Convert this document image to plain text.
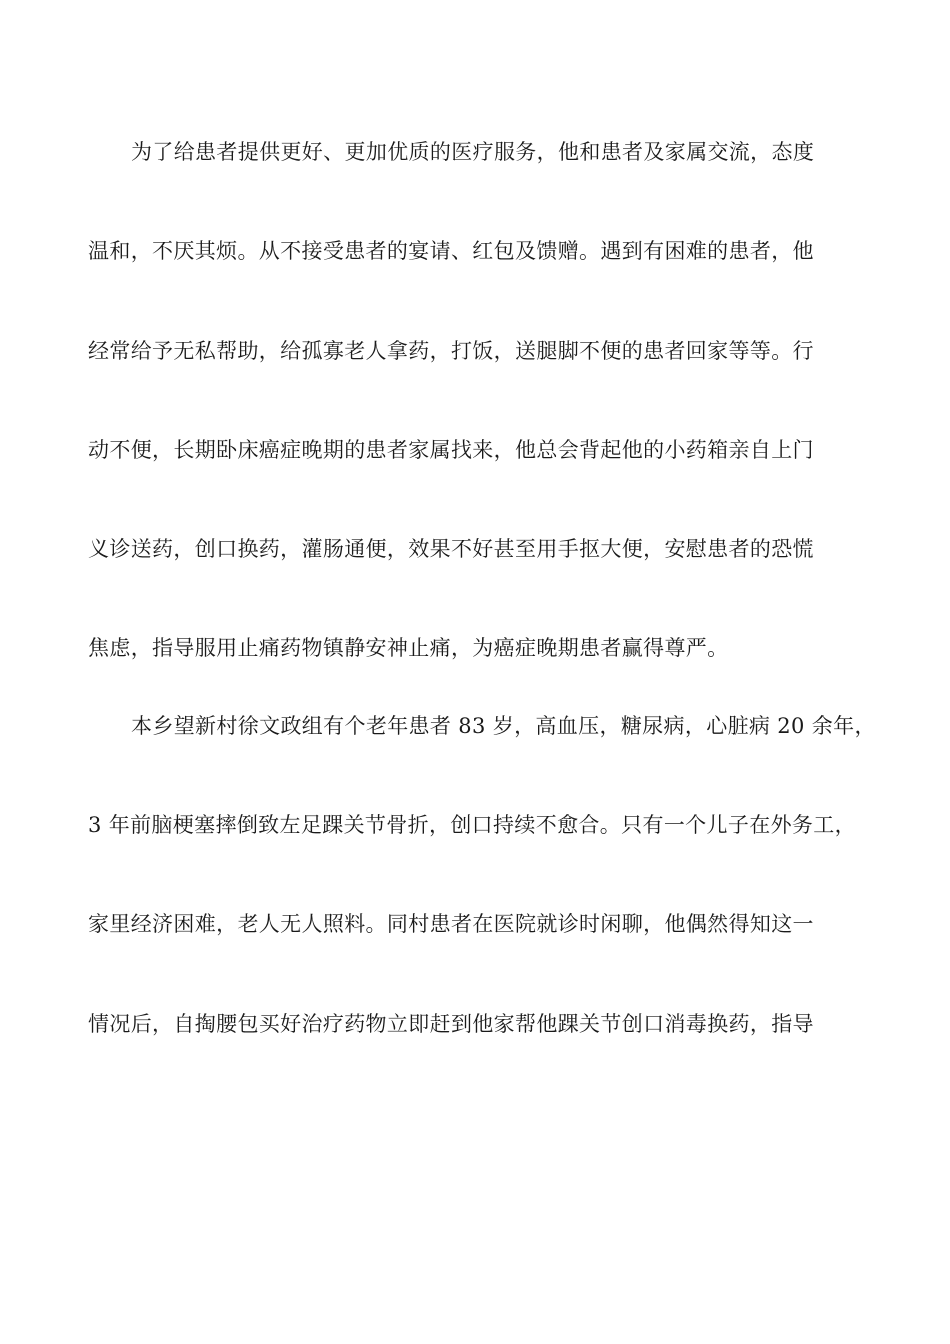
为了给患者提供更好、更加优质的医疗服务，他和患者及家属交流，态度
温和，不厌其烦。从不接受患者的宴请、红包及馈赠。遇到有困难的患者，他
经常给予无私帮助，给孤寡老人拿药，打饭，送腿脚不便的患者回家等等。行
动不便，长期卧床癌症晚期的患者家属找来，他总会背起他的小药箱亲自上门
义诊送药，创口换药，灌肠通便，效果不好甚至用手抠大便，安慰患者的恐慌
焦虑，指导服用止痛药物镇静安神止痛，为癌症晚期患者赢得尊严。
本乡望新村徐文政组有个老年患者 83 岁，高血压，糖尿病，心脏病 20 余年，
3 年前脑梗塞摔倒致左足踝关节骨折，创口持续不愈合。只有一个儿子在外务工，
家里经济困难，老人无人照料。同村患者在医院就诊时闲聊，他偶然得知这一
情况后，自掏腰包买好治疗药物立即赶到他家帮他踝关节创口消毒换药，指导
